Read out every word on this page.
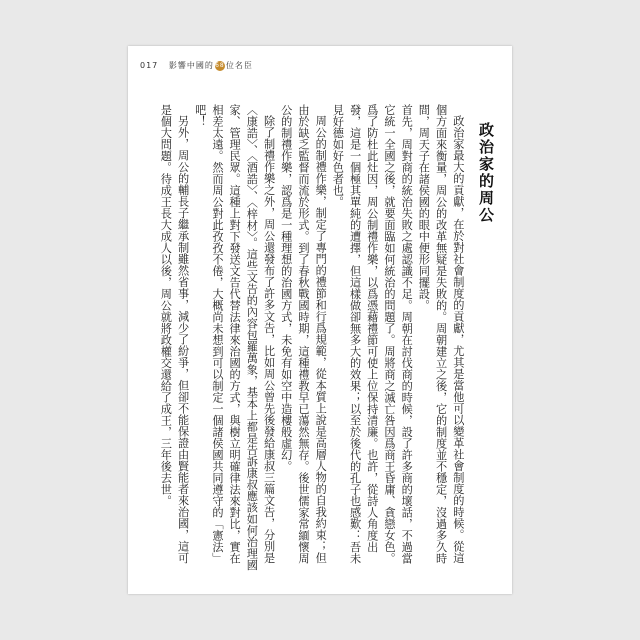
017 影響中國的68位名臣
政治家的周公

政治家最大的貢獻，在於對社會制度的貢獻，尤其是當他可以變革社會制度的時候。從這個方面來衡量，周公的改革無疑是失敗的。周朝建立之後，它的制度並不穩定，沒過多久時間，周天子在諸侯國的眼中便形同擺設。

首先，周對商的統治失敗之處認識不足。周朝在討伐商的時候，設了許多商的壞話，不過當它統一全國之後，就要面臨如何統治的問題了。周將商之滅亡咎因爲商王昏庸、貪戀女色。爲了防杜此灶因，周公制禮作樂，以爲憑藉禮節可使上位保持清廉。也許，從詩人角度出發，這是一個極其單純的遭擇，但這樣做卻無多大的效果；以至於後代的孔子也感歎：吾未見好德如好色者也。

周公的制禮作樂，制定了專門的禮節和行爲規範，從本質上說是高層人物的自我約束；但由於缺乏監督而流於形式。到了春秋戰國時期，這種禮教早已蕩然無存。後世儒家常緬懷周公的制禮作樂，認爲是一種理想的治國方式，未免有如空中造樓般虛幻。

除了制禮作樂之外，周公還發布了許多文告，比如周公曾先後發給康叔三篇文告，分別是〈康誥〉、〈酒誥〉、〈梓材〉。這些文告的內容包羅萬象，基本上都是告訴康叔應該如何治理國家、管理民眾。這種上對下發送文告代替法律來治國的方式，與樹立明確律法來對比，實在相差太遠。然而周公對此孜孜不倦，大概尚未想到可以制定一個諸侯國共同遵守的「憲法」吧！

另外，周公的輔長子繼承制雖然省事，減少了紛爭，但卻不能保證由賢能者來治國，這可是個大問題。待成王長大成人以後，周公就將政權交還給了成王，三年後去世。
